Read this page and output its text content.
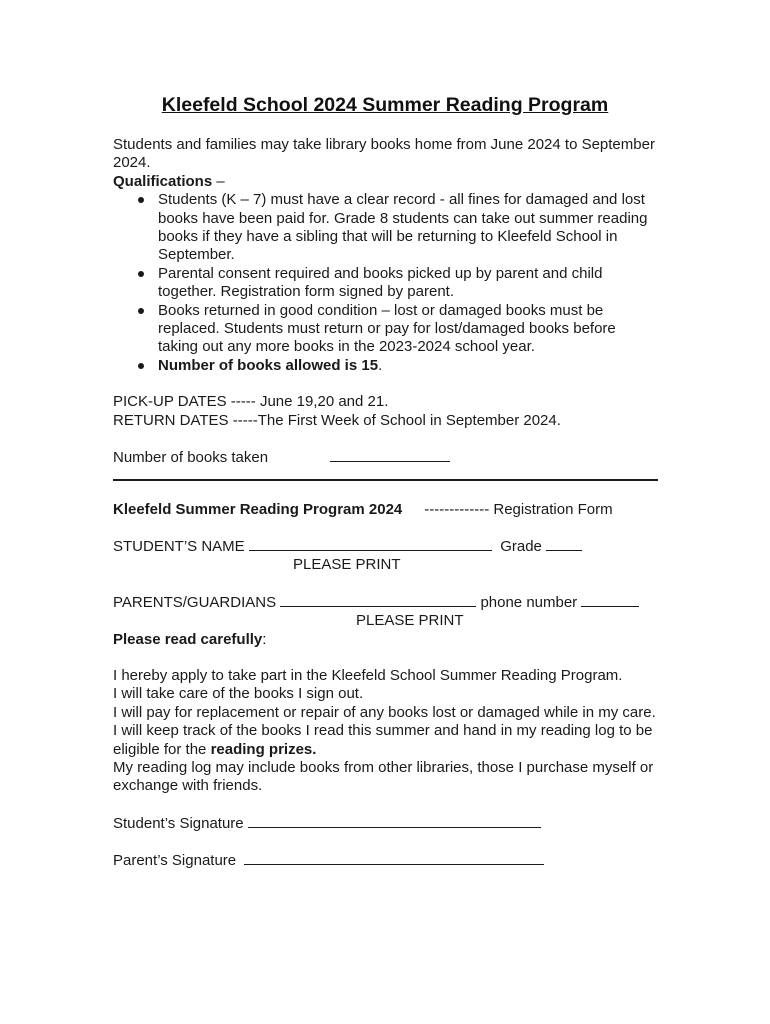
Kleefeld School 2024 Summer Reading Program

Students and families may take library books home from June 2024 to September 2024.

Qualifications –

Students (K – 7) must have a clear record - all fines for damaged and lost books have been paid for. Grade 8 students can take out summer reading books if they have a sibling that will be returning to Kleefeld School in September.
Parental consent required and books picked up by parent and child together. Registration form signed by parent.
Books returned in good condition – lost or damaged books must be replaced. Students must return or pay for lost/damaged books before taking out any more books in the 2023-2024 school year.
Number of books allowed is 15.

PICK-UP DATES ----- June 19,20 and 21.

RETURN DATES -----The First Week of School in September 2024.

Number of books taken

Kleefeld Summer Reading Program 2024 ------------- Registration Form

STUDENT’S NAME	Grade

PLEASE PRINT

PARENTS/GUARDIANS	phone number

PLEASE PRINT

Please read carefully:

I hereby apply to take part in the Kleefeld School Summer Reading Program.

I will take care of the books I sign out.

I will pay for replacement or repair of any books lost or damaged while in my care.

I will keep track of the books I read this summer and hand in my reading log to be eligible for the reading prizes.

My reading log may include books from other libraries, those I purchase myself or exchange with friends.

Student’s Signature

Parent’s Signature
